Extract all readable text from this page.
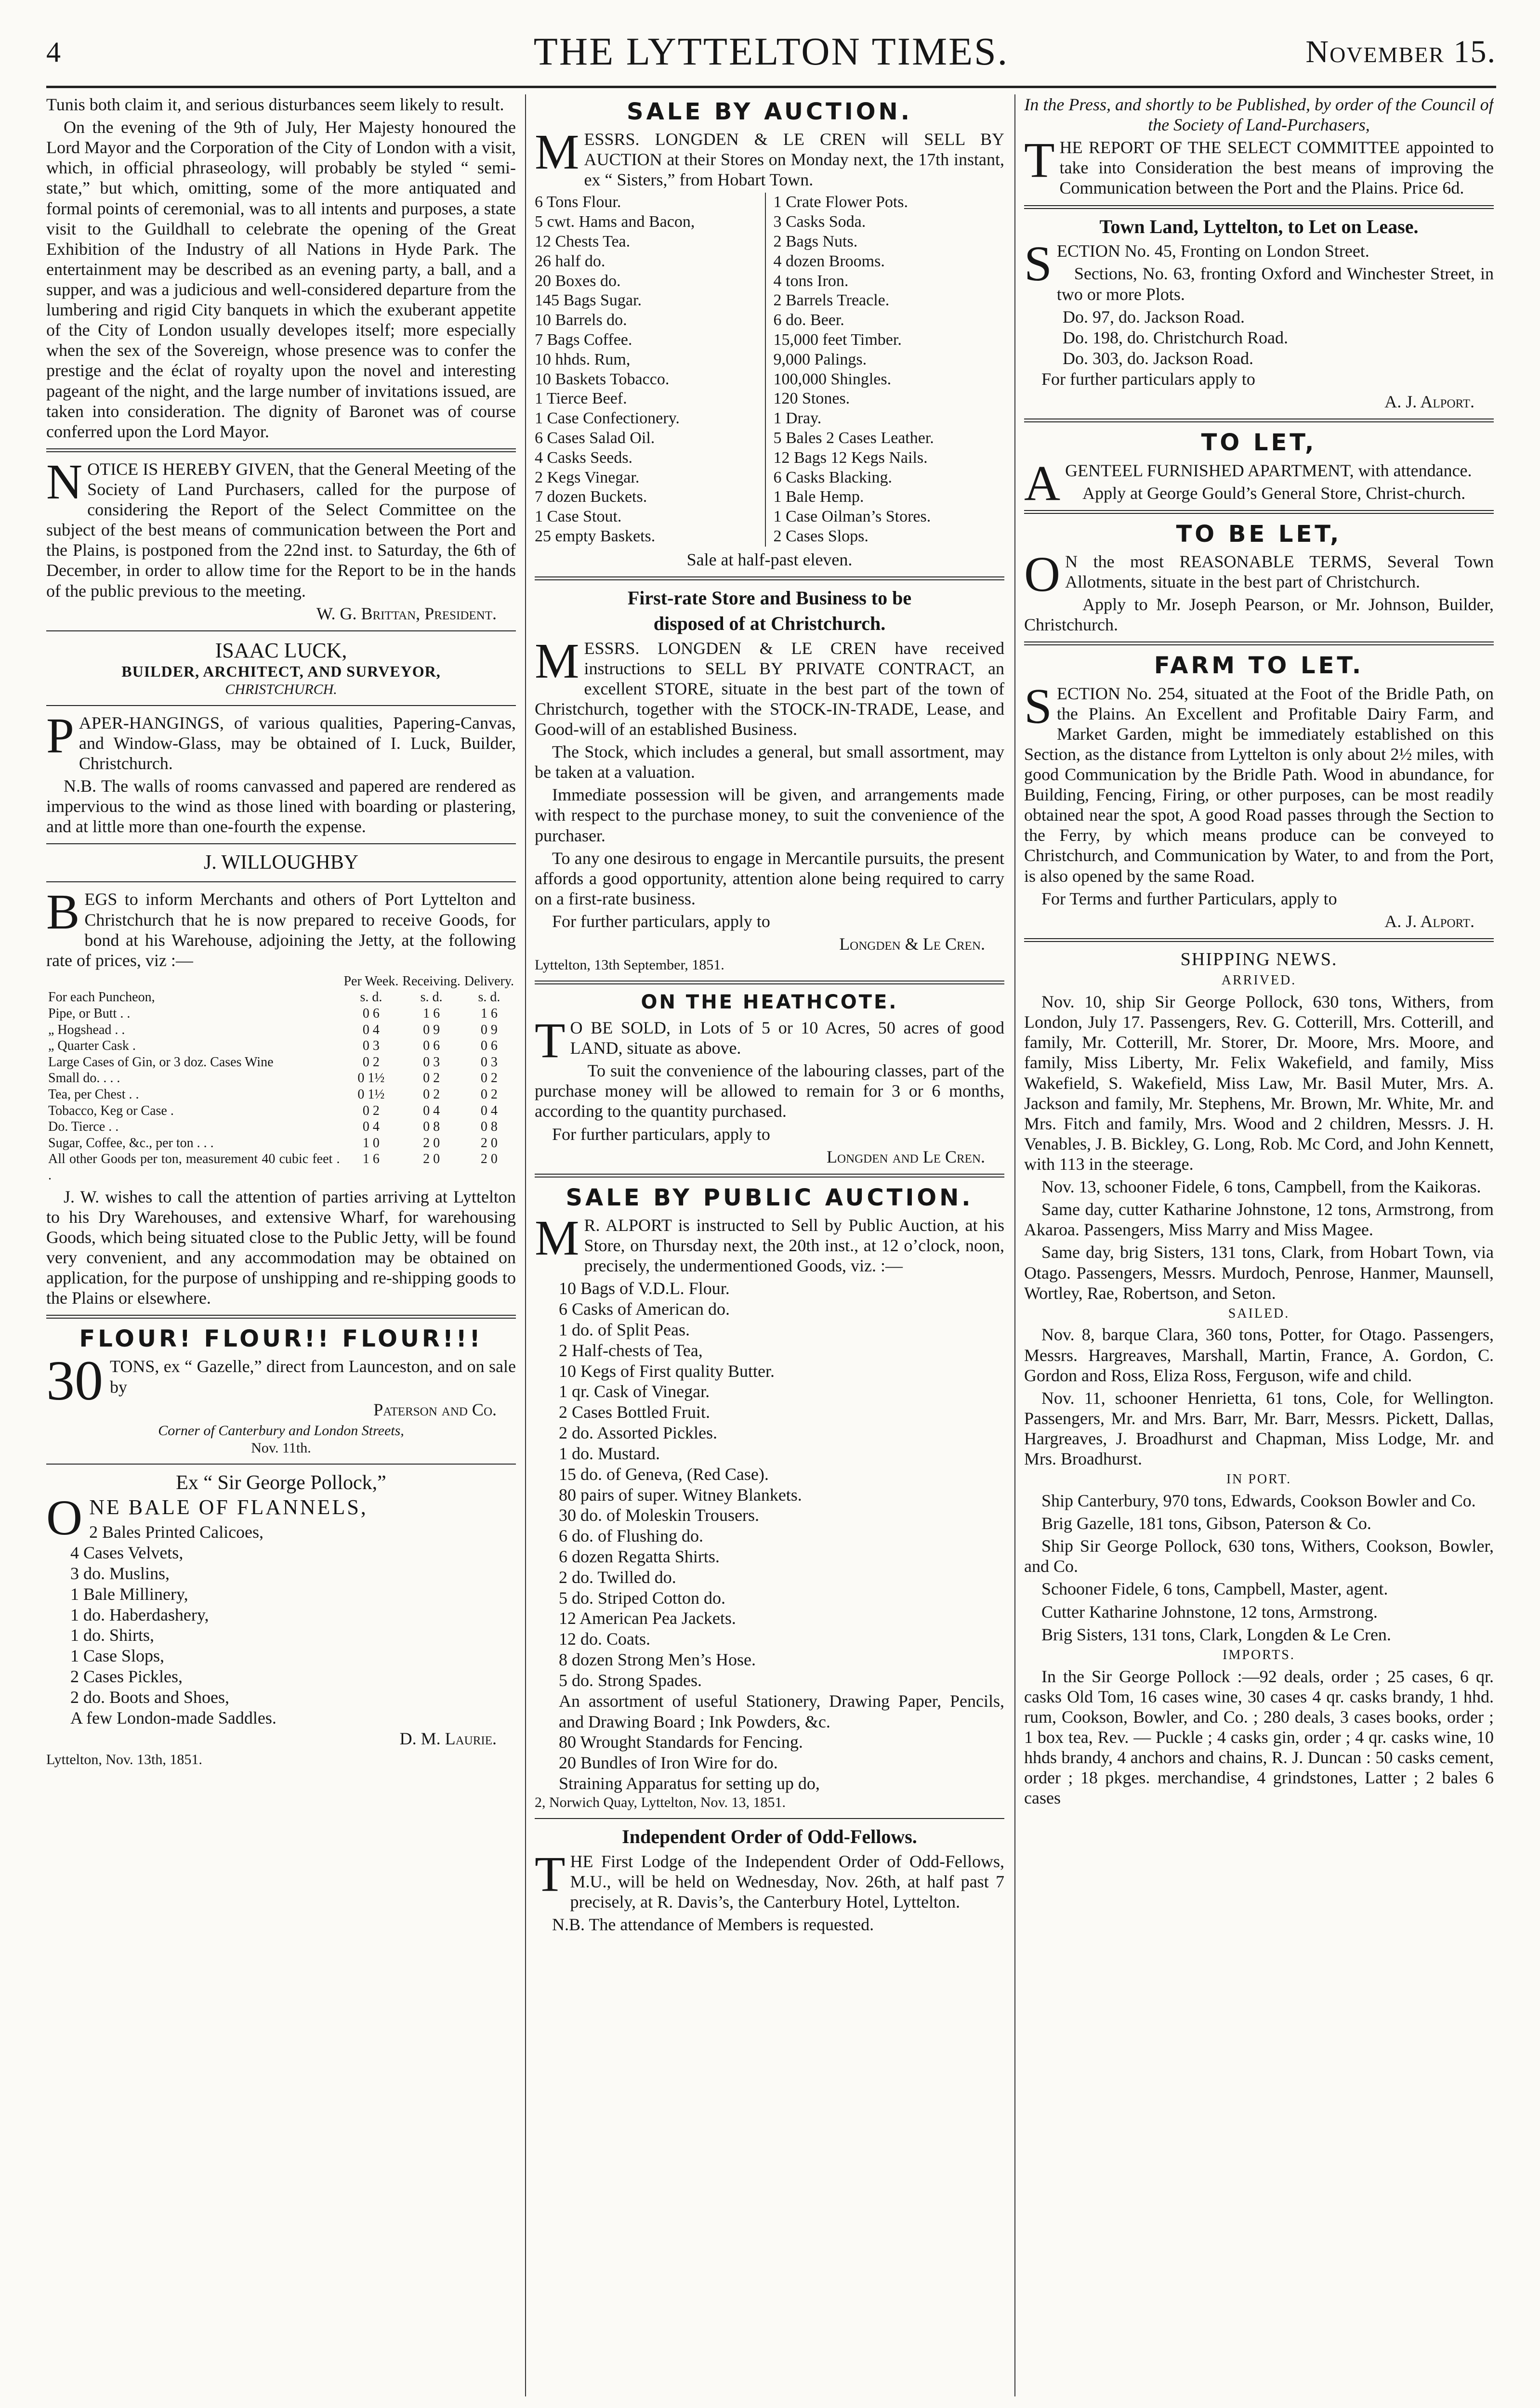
4	THE LYTTELTON TIMES.	November 15.

Tunis both claim it, and serious disturbances seem likely to result.

On the evening of the 9th of July, Her Majesty honoured the Lord Mayor and the Corporation of the City of London with a visit, which, in official phraseology, will probably be styled “ semi-state,” but which, omitting, some of the more antiquated and formal points of ceremonial, was to all intents and purposes, a state visit to the Guildhall to celebrate the opening of the Great Exhibition of the Industry of all Nations in Hyde Park. The entertainment may be described as an evening party, a ball, and a supper, and was a judicious and well-considered departure from the lumbering and rigid City banquets in which the exuberant appetite of the City of London usually developes itself; more especially when the sex of the Sovereign, whose presence was to confer the prestige and the éclat of royalty upon the novel and interesting pageant of the night, and the large number of invitations issued, are taken into consideration. The dignity of Baronet was of course conferred upon the Lord Mayor.

NOTICE IS HEREBY GIVEN, that the General Meeting of the Society of Land Purchasers, called for the purpose of considering the Report of the Select Committee on the subject of the best means of communication between the Port and the Plains, is postponed from the 22nd inst. to Saturday, the 6th of December, in order to allow time for the Report to be in the hands of the public previous to the meeting.

W. G. Brittan, President.

ISAAC LUCK,
BUILDER, ARCHITECT, AND SURVEYOR,
CHRISTCHURCH.

PAPER-HANGINGS, of various qualities, Papering-Canvas, and Window-Glass, may be obtained of I. Luck, Builder, Christchurch.

N.B. The walls of rooms canvassed and papered are rendered as impervious to the wind as those lined with boarding or plastering, and at little more than one-fourth the expense.

J. WILLOUGHBY

BEGS to inform Merchants and others of Port Lyttelton and Christchurch that he is now prepared to receive Goods, for bond at his Warehouse, adjoining the Jetty, at the following rate of prices, viz :—

	Per Week.	Receiving.	Delivery.
For each Puncheon,	s. d.	s. d.	s. d.
Pipe, or Butt . .	0 6	1 6	1 6
„ Hogshead . .	0 4	0 9	0 9
„ Quarter Cask .	0 3	0 6	0 6
Large Cases of Gin, or 3 doz. Cases Wine	0 2	0 3	0 3
Small do. . . .	0 1½	0 2	0 2
Tea, per Chest . .	0 1½	0 2	0 2
Tobacco, Keg or Case .	0 2	0 4	0 4
Do. Tierce . .	0 4	0 8	0 8
Sugar, Coffee, &c., per ton . . .	1 0	2 0	2 0
All other Goods per ton, measurement 40 cubic feet . .	1 6	2 0	2 0

J. W. wishes to call the attention of parties arriving at Lyttelton to his Dry Warehouses, and extensive Wharf, for warehousing Goods, which being situated close to the Public Jetty, will be found very convenient, and any accommodation may be obtained on application, for the purpose of unshipping and re-shipping goods to the Plains or elsewhere.

FLOUR! FLOUR!! FLOUR!!!

30 TONS, ex “ Gazelle,” direct from Launceston, and on sale by

Paterson and Co.

Corner of Canterbury and London Streets,
Nov. 11th.
Ex “ Sir George Pollock,”

ONE BALE OF FLANNELS,

2 Bales Printed Calicoes,
4 Cases Velvets,
3 do. Muslins,
1 Bale Millinery,
1 do. Haberdashery,
1 do. Shirts,
1 Case Slops,
2 Cases Pickles,
2 do. Boots and Shoes,
A few London-made Saddles.

D. M. Laurie.

Lyttelton, Nov. 13th, 1851.

SALE BY AUCTION.

MESSRS. LONGDEN & LE CREN will SELL BY AUCTION at their Stores on Monday next, the 17th instant, ex “ Sisters,” from Hobart Town.

6 Tons Flour.
5 cwt. Hams and Bacon,
12 Chests Tea.
26 half do.
20 Boxes do.
145 Bags Sugar.
10 Barrels do.
7 Bags Coffee.
10 hhds. Rum,
10 Baskets Tobacco.
1 Tierce Beef.
1 Case Confectionery.
6 Cases Salad Oil.
4 Casks Seeds.
2 Kegs Vinegar.
7 dozen Buckets.
1 Case Stout.
25 empty Baskets.
1 Crate Flower Pots.
3 Casks Soda.
2 Bags Nuts.
4 dozen Brooms.
4 tons Iron.
2 Barrels Treacle.
6 do. Beer.
15,000 feet Timber.
9,000 Palings.
100,000 Shingles.
120 Stones.
1 Dray.
5 Bales 2 Cases Leather.
12 Bags 12 Kegs Nails.
6 Casks Blacking.
1 Bale Hemp.
1 Case Oilman’s Stores.
2 Cases Slops.
Sale at half-past eleven.
First-rate Store and Business to be
disposed of at Christchurch.

MESSRS. LONGDEN & LE CREN have received instructions to SELL BY PRIVATE CONTRACT, an excellent STORE, situate in the best part of the town of Christchurch, together with the STOCK-IN-TRADE, Lease, and Good-will of an established Business.

The Stock, which includes a general, but small assortment, may be taken at a valuation.

Immediate possession will be given, and arrangements made with respect to the purchase money, to suit the convenience of the purchaser.

To any one desirous to engage in Mercantile pursuits, the present affords a good opportunity, attention alone being required to carry on a first-rate business.

For further particulars, apply to

Longden & Le Cren.

Lyttelton, 13th September, 1851.

ON THE HEATHCOTE.

T O BE SOLD, in Lots of 5 or 10 Acres, 50 acres of good LAND, situate as above.

To suit the convenience of the labouring classes, part of the purchase money will be allowed to remain for 3 or 6 months, according to the quantity purchased.

For further particulars, apply to

Longden and Le Cren.

SALE BY PUBLIC AUCTION.

M R. ALPORT is instructed to Sell by Public Auction, at his Store, on Thursday next, the 20th inst., at 12 o’clock, noon, precisely, the undermentioned Goods, viz. :—

10 Bags of V.D.L. Flour.
6 Casks of American do.
1 do. of Split Peas.
2 Half-chests of Tea,
10 Kegs of First quality Butter.
1 qr. Cask of Vinegar.
2 Cases Bottled Fruit.
2 do. Assorted Pickles.
1 do. Mustard.
15 do. of Geneva, (Red Case).
80 pairs of super. Witney Blankets.
30 do. of Moleskin Trousers.
6 do. of Flushing do.
6 dozen Regatta Shirts.
2 do. Twilled do.
5 do. Striped Cotton do.
12 American Pea Jackets.
12 do. Coats.
8 dozen Strong Men’s Hose.
5 do. Strong Spades.
An assortment of useful Stationery, Drawing Paper, Pencils, and Drawing Board ; Ink Powders, &c.
80 Wrought Standards for Fencing.
20 Bundles of Iron Wire for do.
Straining Apparatus for setting up do,

2, Norwich Quay, Lyttelton, Nov. 13, 1851.

Independent Order of Odd-Fellows.

THE First Lodge of the Independent Order of Odd-Fellows, M.U., will be held on Wednesday, Nov. 26th, at half past 7 precisely, at R. Davis’s, the Canterbury Hotel, Lyttelton.

N.B. The attendance of Members is requested.

In the Press, and shortly to be Published, by order of the Council of the Society of Land-Purchasers,

THE REPORT OF THE SELECT COMMITTEE appointed to take into Consideration the best means of improving the Communication between the Port and the Plains. Price 6d.

Town Land, Lyttelton, to Let on Lease.

SECTION No. 45, Fronting on London Street.

Sections, No. 63, fronting Oxford and Winchester Street, in two or more Plots.

Do. 97, do. Jackson Road.
Do. 198, do. Christchurch Road.
Do. 303, do. Jackson Road.

For further particulars apply to

A. J. Alport.

TO LET,

AGENTEEL FURNISHED APARTMENT, with attendance.

Apply at George Gould’s General Store, Christ-church.

TO BE LET,

O N the most REASONABLE TERMS, Several Town Allotments, situate in the best part of Christchurch.

Apply to Mr. Joseph Pearson, or Mr. Johnson, Builder, Christchurch.

FARM TO LET.

SECTION No. 254, situated at the Foot of the Bridle Path, on the Plains. An Excellent and Profitable Dairy Farm, and Market Garden, might be immediately established on this Section, as the distance from Lyttelton is only about 2½ miles, with good Communication by the Bridle Path. Wood in abundance, for Building, Fencing, Firing, or other purposes, can be most readily obtained near the spot, A good Road passes through the Section to the Ferry, by which means produce can be conveyed to Christchurch, and Communication by Water, to and from the Port, is also opened by the same Road.

For Terms and further Particulars, apply to

A. J. Alport.

SHIPPING NEWS.
ARRIVED.

Nov. 10, ship Sir George Pollock, 630 tons, Withers, from London, July 17. Passengers, Rev. G. Cotterill, Mrs. Cotterill, and family, Mr. Cotterill, Mr. Storer, Dr. Moore, Mrs. Moore, and family, Miss Liberty, Mr. Felix Wakefield, and family, Miss Wakefield, S. Wakefield, Miss Law, Mr. Basil Muter, Mrs. A. Jackson and family, Mr. Stephens, Mr. Brown, Mr. White, Mr. and Mrs. Fitch and family, Mrs. Wood and 2 children, Messrs. J. H. Venables, J. B. Bickley, G. Long, Rob. Mc Cord, and John Kennett, with 113 in the steerage.

Nov. 13, schooner Fidele, 6 tons, Campbell, from the Kaikoras.

Same day, cutter Katharine Johnstone, 12 tons, Armstrong, from Akaroa. Passengers, Miss Marry and Miss Magee.

Same day, brig Sisters, 131 tons, Clark, from Hobart Town, via Otago. Passengers, Messrs. Murdoch, Penrose, Hanmer, Maunsell, Wortley, Rae, Robertson, and Seton.

SAILED.

Nov. 8, barque Clara, 360 tons, Potter, for Otago. Passengers, Messrs. Hargreaves, Marshall, Martin, France, A. Gordon, C. Gordon and Ross, Eliza Ross, Ferguson, wife and child.

Nov. 11, schooner Henrietta, 61 tons, Cole, for Wellington. Passengers, Mr. and Mrs. Barr, Mr. Barr, Messrs. Pickett, Dallas, Hargreaves, J. Broadhurst and Chapman, Miss Lodge, Mr. and Mrs. Broadhurst.

IN PORT.

Ship Canterbury, 970 tons, Edwards, Cookson Bowler and Co.

Brig Gazelle, 181 tons, Gibson, Paterson & Co.

Ship Sir George Pollock, 630 tons, Withers, Cookson, Bowler, and Co.

Schooner Fidele, 6 tons, Campbell, Master, agent.

Cutter Katharine Johnstone, 12 tons, Armstrong.

Brig Sisters, 131 tons, Clark, Longden & Le Cren.

IMPORTS.

In the Sir George Pollock :—92 deals, order ; 25 cases, 6 qr. casks Old Tom, 16 cases wine, 30 cases 4 qr. casks brandy, 1 hhd. rum, Cookson, Bowler, and Co. ; 280 deals, 3 cases books, order ; 1 box tea, Rev. — Puckle ; 4 casks gin, order ; 4 qr. casks wine, 10 hhds brandy, 4 anchors and chains, R. J. Duncan : 50 casks cement, order ; 18 pkges. merchandise, 4 grindstones, Latter ; 2 bales 6 cases
